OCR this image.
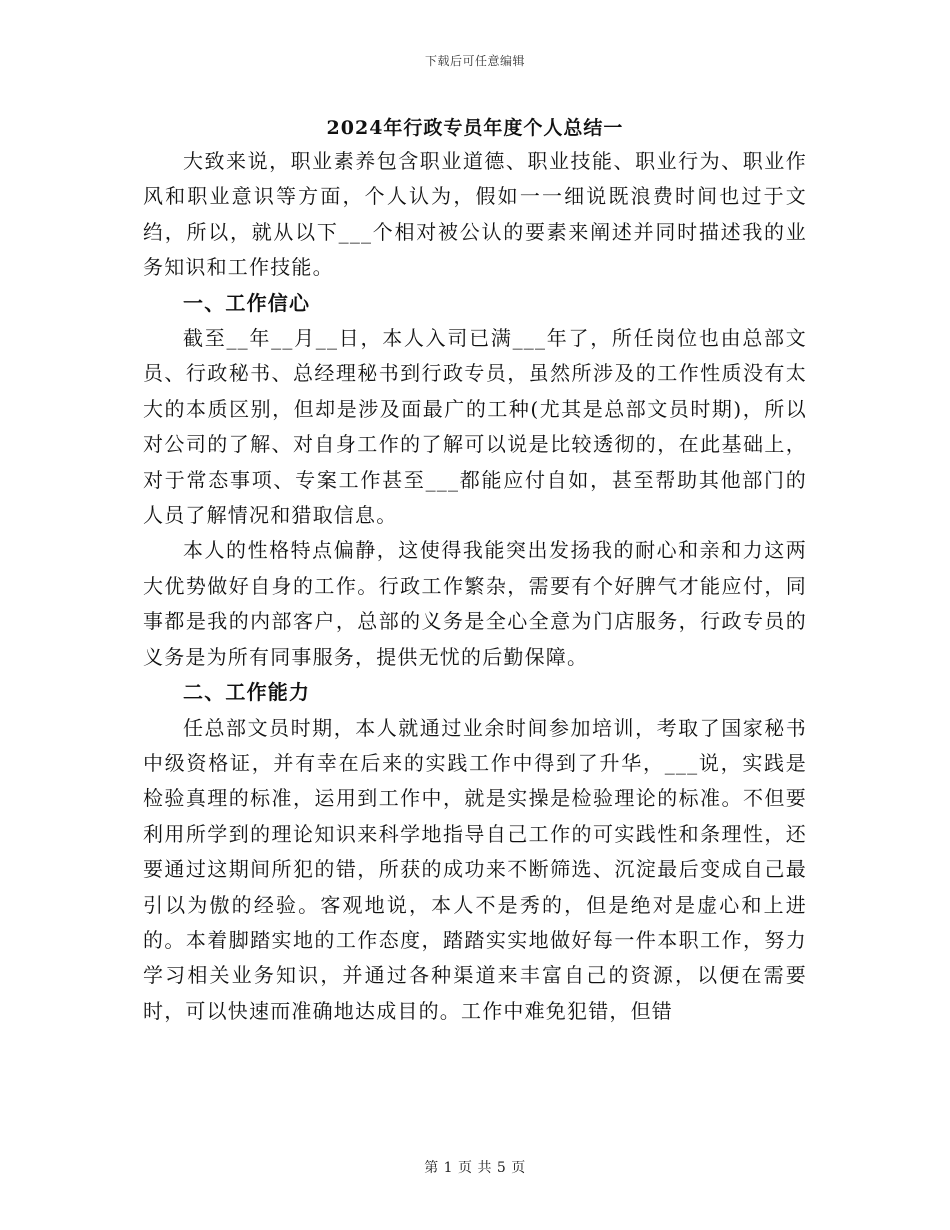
下载后可任意编辑
2024年行政专员年度个人总结一

大致来说，职业素养包含职业道德、职业技能、职业行为、职业作风和职业意识等方面，个人认为，假如一一细说既浪费时间也过于文绉，所以，就从以下___个相对被公认的要素来阐述并同时描述我的业务知识和工作技能。

一、工作信心

截至__年__月__日，本人入司已满___年了，所任岗位也由总部文员、行政秘书、总经理秘书到行政专员，虽然所涉及的工作性质没有太大的本质区别，但却是涉及面最广的工种(尤其是总部文员时期)，所以对公司的了解、对自身工作的了解可以说是比较透彻的，在此基础上，对于常态事项、专案工作甚至___都能应付自如，甚至帮助其他部门的人员了解情况和猎取信息。

本人的性格特点偏静，这使得我能突出发扬我的耐心和亲和力这两大优势做好自身的工作。行政工作繁杂，需要有个好脾气才能应付，同事都是我的内部客户，总部的义务是全心全意为门店服务，行政专员的义务是为所有同事服务，提供无忧的后勤保障。

二、工作能力

任总部文员时期，本人就通过业余时间参加培训，考取了国家秘书中级资格证，并有幸在后来的实践工作中得到了升华，___说，实践是检验真理的标准，运用到工作中，就是实操是检验理论的标准。不但要利用所学到的理论知识来科学地指导自己工作的可实践性和条理性，还要通过这期间所犯的错，所获的成功来不断筛选、沉淀最后变成自己最引以为傲的经验。客观地说，本人不是秀的，但是绝对是虚心和上进的。本着脚踏实地的工作态度，踏踏实实地做好每一件本职工作，努力学习相关业务知识，并通过各种渠道来丰富自己的资源，以便在需要时，可以快速而准确地达成目的。工作中难免犯错，但错

第 1 页 共 5 页
